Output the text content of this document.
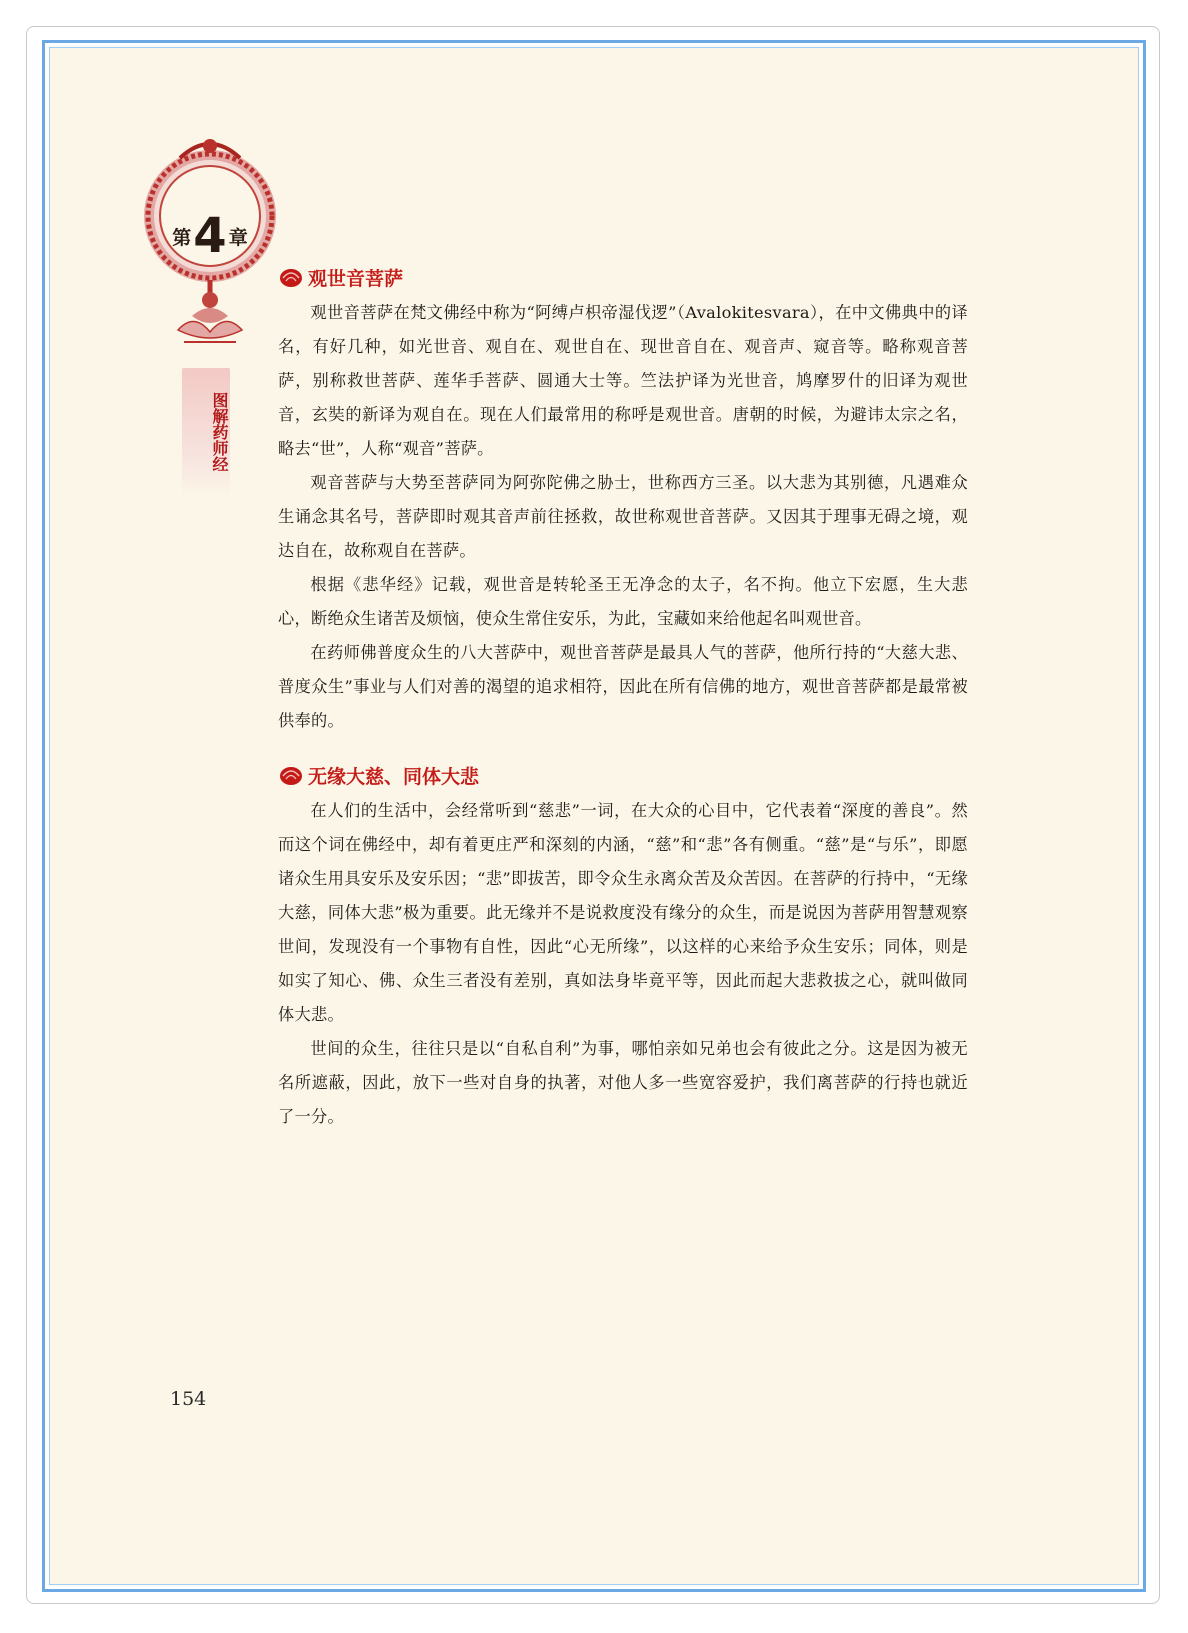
第 4 章
图解药师经
观世音菩萨

观世音菩萨在梵文佛经中称为“阿缚卢枳帝湿伐逻”（Avalokitesvara），在中文佛典中的译名，有好几种，如光世音、观自在、观世自在、现世音自在、观音声、窥音等。略称观音菩萨，别称救世菩萨、莲华手菩萨、圆通大士等。竺法护译为光世音，鸠摩罗什的旧译为观世音，玄奘的新译为观自在。现在人们最常用的称呼是观世音。唐朝的时候，为避讳太宗之名，略去“世”，人称“观音”菩萨。

观音菩萨与大势至菩萨同为阿弥陀佛之胁士，世称西方三圣。以大悲为其别德，凡遇难众生诵念其名号，菩萨即时观其音声前往拯救，故世称观世音菩萨。又因其于理事无碍之境，观达自在，故称观自在菩萨。

根据《悲华经》记载，观世音是转轮圣王无净念的太子，名不拘。他立下宏愿，生大悲心，断绝众生诸苦及烦恼，使众生常住安乐，为此，宝藏如来给他起名叫观世音。

在药师佛普度众生的八大菩萨中，观世音菩萨是最具人气的菩萨，他所行持的“大慈大悲、普度众生”事业与人们对善的渴望的追求相符，因此在所有信佛的地方，观世音菩萨都是最常被供奉的。

无缘大慈、同体大悲

在人们的生活中，会经常听到“慈悲”一词，在大众的心目中，它代表着“深度的善良”。然而这个词在佛经中，却有着更庄严和深刻的内涵，“慈”和“悲”各有侧重。“慈”是“与乐”，即愿诸众生用具安乐及安乐因；“悲”即拔苦，即令众生永离众苦及众苦因。在菩萨的行持中，“无缘大慈，同体大悲”极为重要。此无缘并不是说救度没有缘分的众生，而是说因为菩萨用智慧观察世间，发现没有一个事物有自性，因此“心无所缘”，以这样的心来给予众生安乐；同体，则是如实了知心、佛、众生三者没有差别，真如法身毕竟平等，因此而起大悲救拔之心，就叫做同体大悲。

世间的众生，往往只是以“自私自利”为事，哪怕亲如兄弟也会有彼此之分。这是因为被无名所遮蔽，因此，放下一些对自身的执著，对他人多一些宽容爱护，我们离菩萨的行持也就近了一分。

154
